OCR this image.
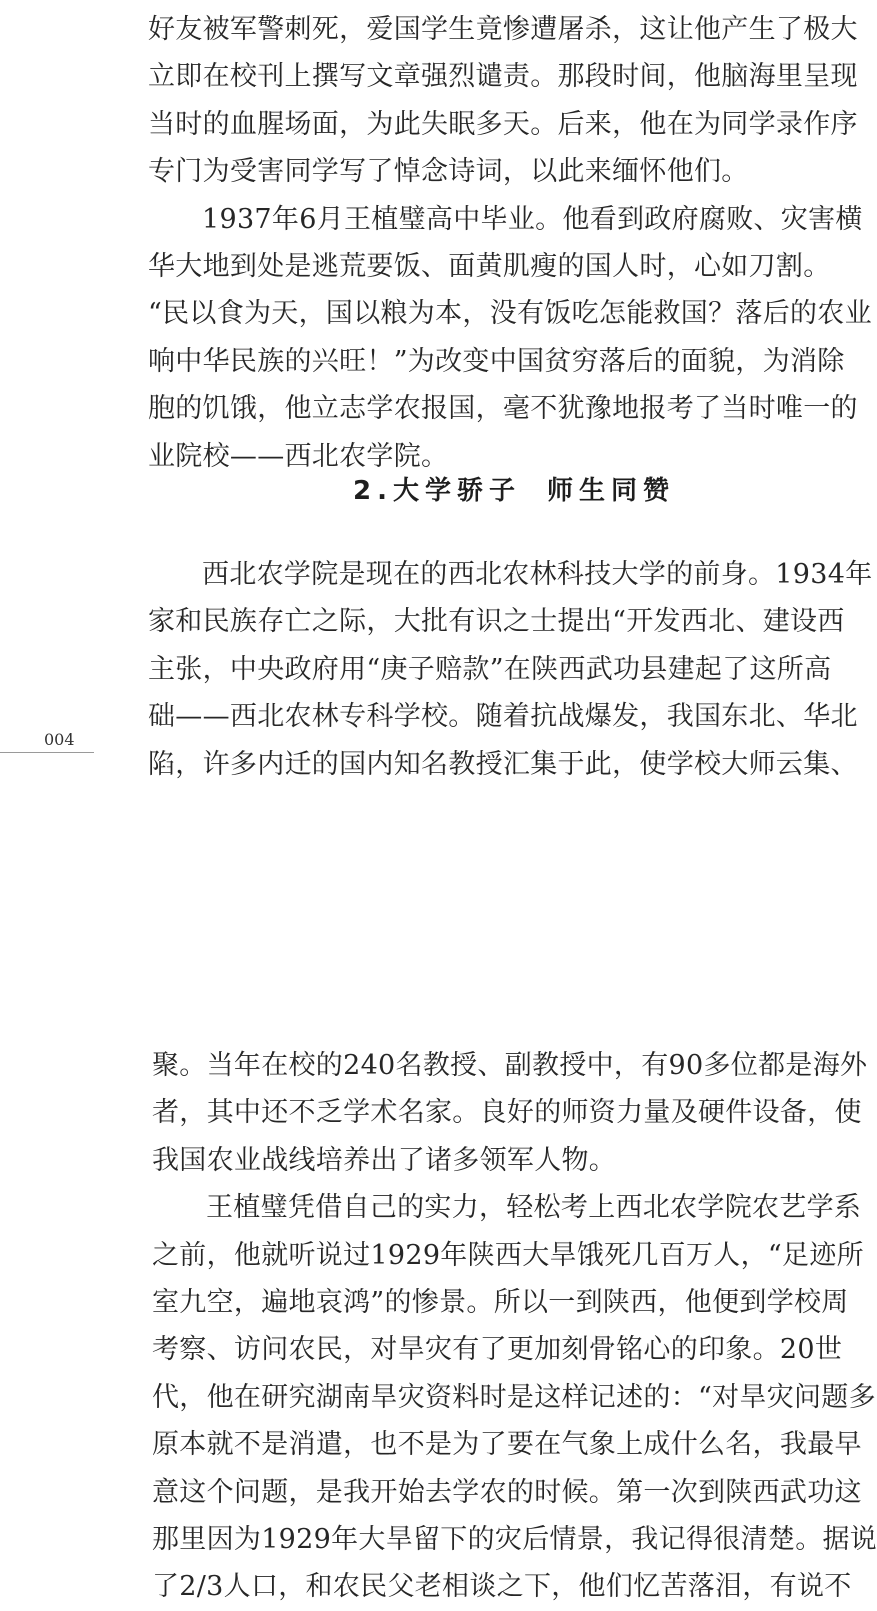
好友被军警刺死，爱国学生竟惨遭屠杀，这让他产生了极大
立即在校刊上撰写文章强烈谴责。那段时间，他脑海里呈现
当时的血腥场面，为此失眠多天。后来，他在为同学录作序
专门为受害同学写了悼念诗词，以此来缅怀他们。
1937年6月王植璧高中毕业。他看到政府腐败、灾害横
华大地到处是逃荒要饭、面黄肌瘦的国人时，心如刀割。
“民以食为天，国以粮为本，没有饭吃怎能救国？落后的农业
响中华民族的兴旺！”为改变中国贫穷落后的面貌，为消除
胞的饥饿，他立志学农报国，毫不犹豫地报考了当时唯一的
业院校——西北农学院。
2.大学骄子 师生同赞
西北农学院是现在的西北农林科技大学的前身。1934年
家和民族存亡之际，大批有识之士提出“开发西北、建设西
主张，中央政府用“庚子赔款”在陕西武功县建起了这所高
础——西北农林专科学校。随着抗战爆发，我国东北、华北
陷，许多内迁的国内知名教授汇集于此，使学校大师云集、
004
聚。当年在校的240名教授、副教授中，有90多位都是海外
者，其中还不乏学术名家。良好的师资力量及硬件设备，使
我国农业战线培养出了诸多领军人物。
王植璧凭借自己的实力，轻松考上西北农学院农艺学系
之前，他就听说过1929年陕西大旱饿死几百万人，“足迹所
室九空，遍地哀鸿”的惨景。所以一到陕西，他便到学校周
考察、访问农民，对旱灾有了更加刻骨铭心的印象。20世
代，他在研究湖南旱灾资料时是这样记述的：“对旱灾问题多
原本就不是消遣，也不是为了要在气象上成什么名，我最早
意这个问题，是我开始去学农的时候。第一次到陕西武功这
那里因为1929年大旱留下的灾后情景，我记得很清楚。据说
了2/3人口，和农民父老相谈之下，他们忆苦落泪，有说不
